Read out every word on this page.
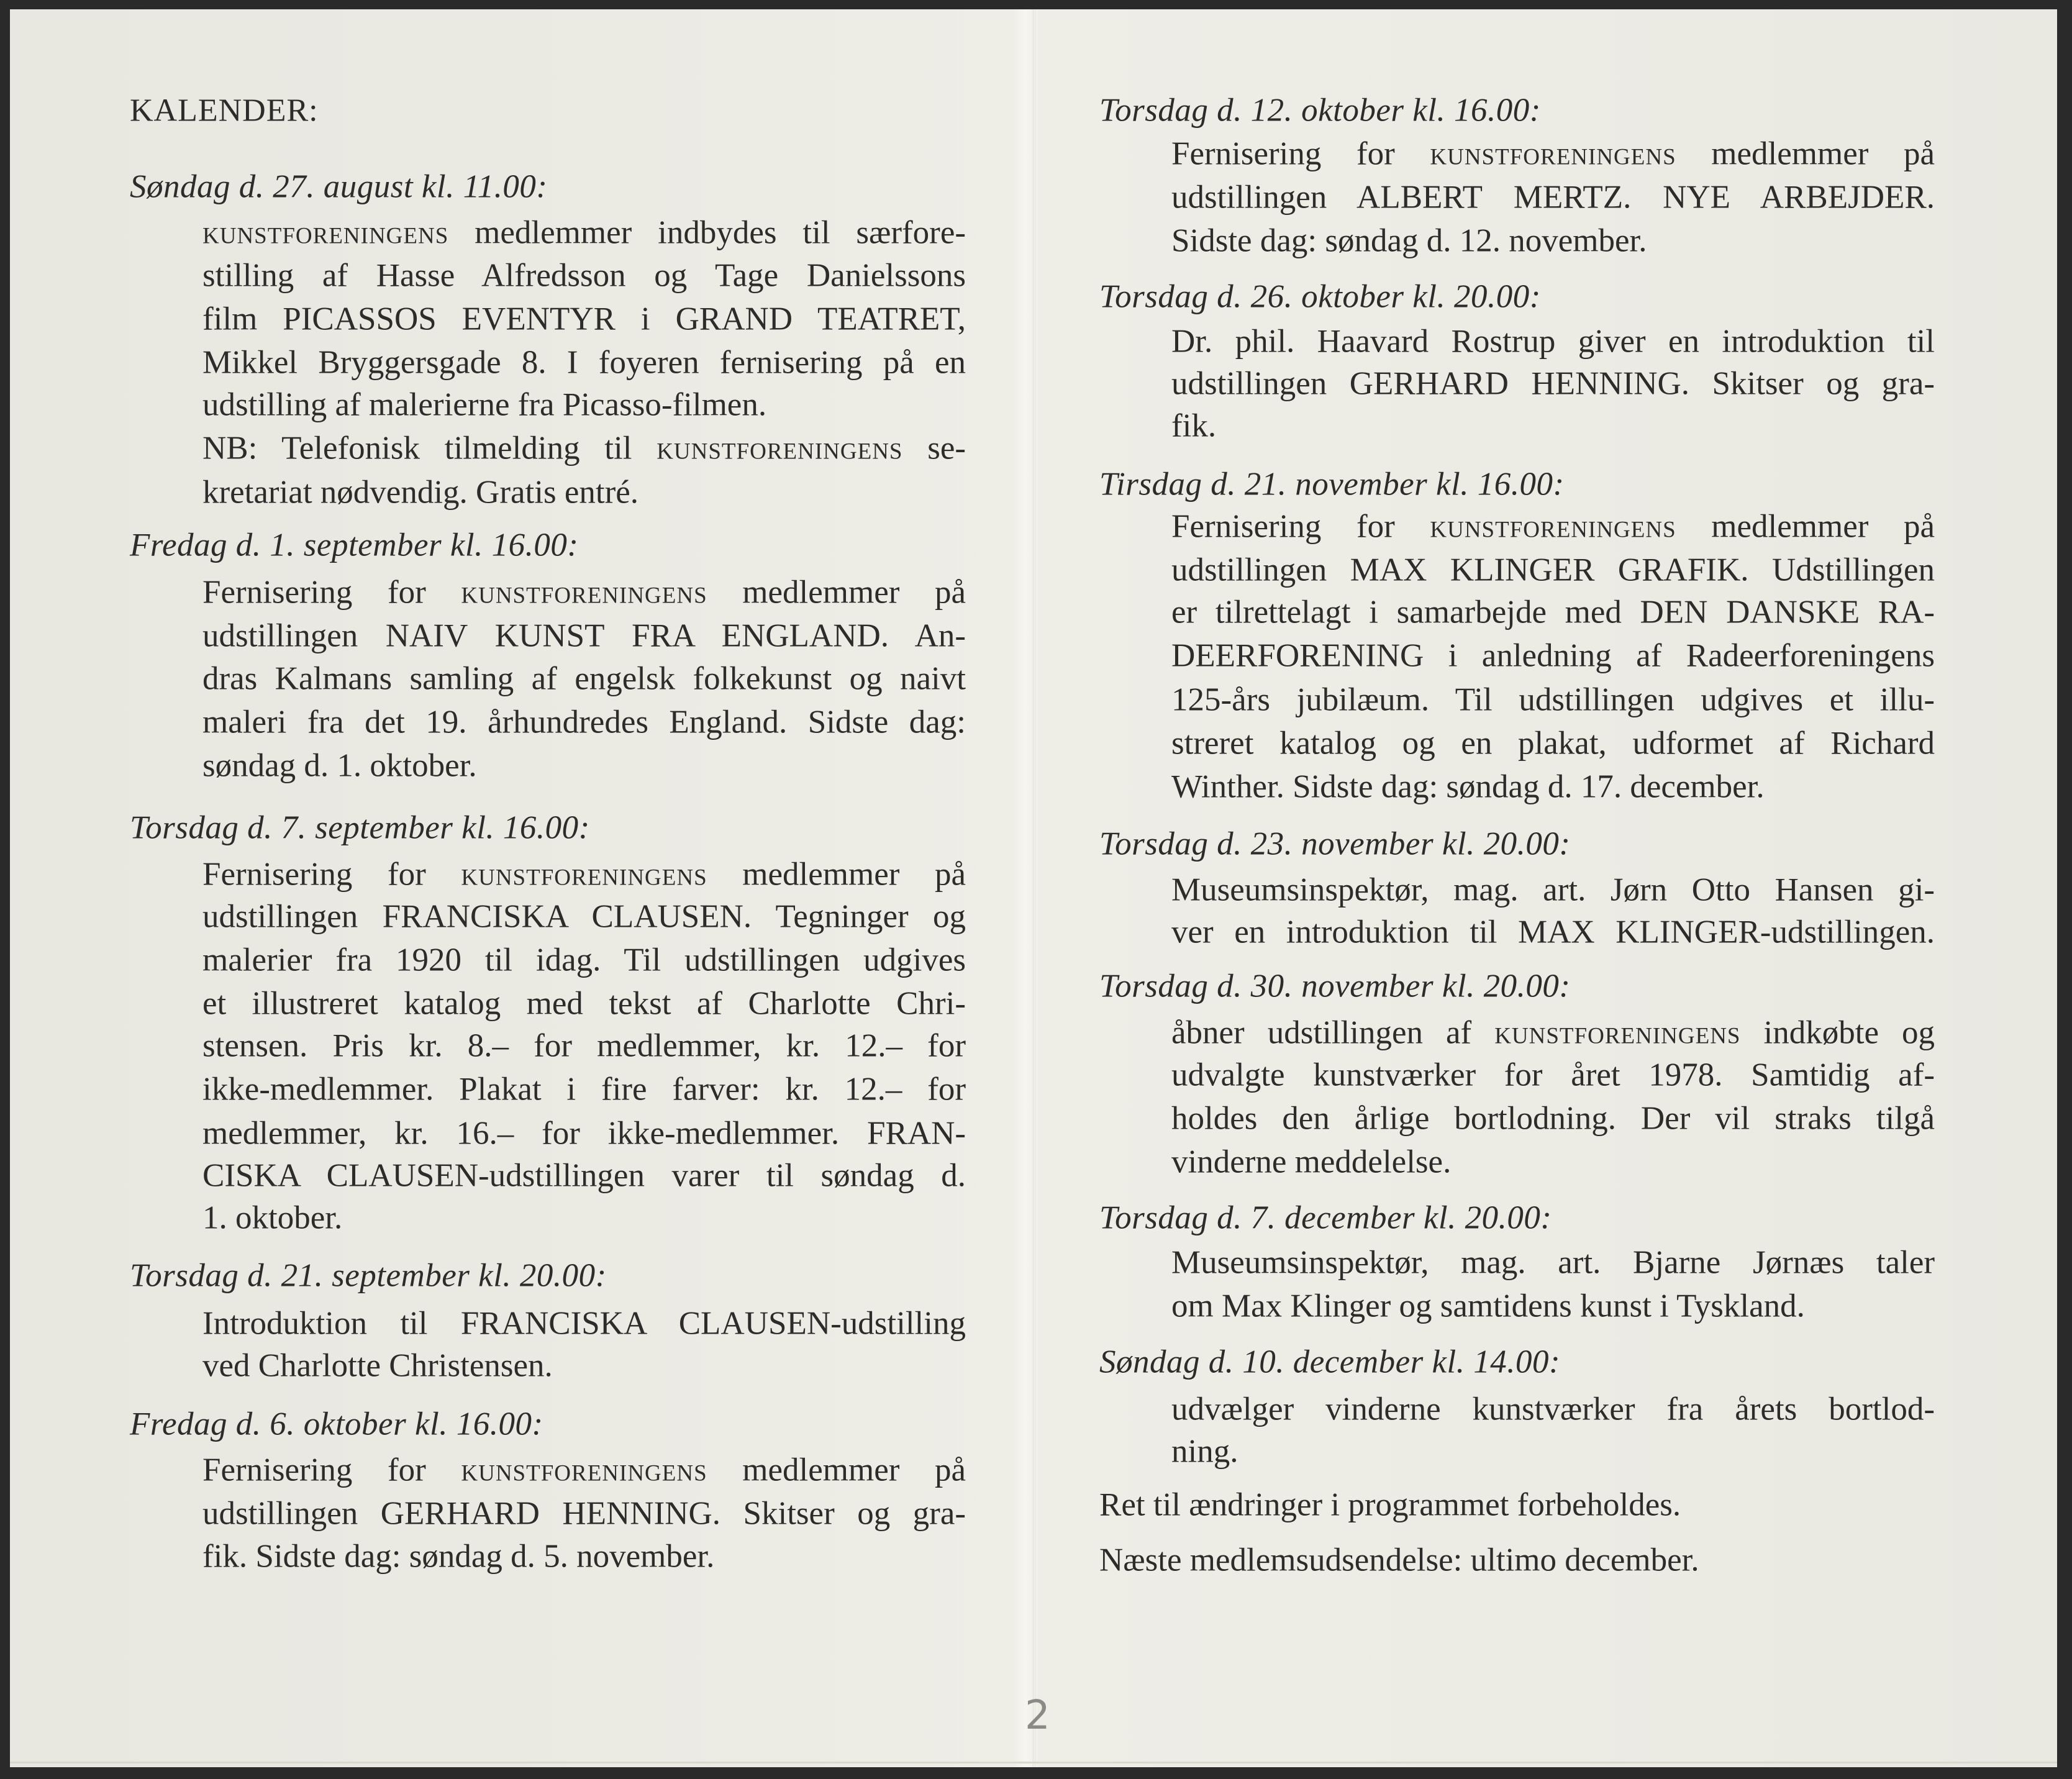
KALENDER:
Søndag d. 27. august kl. 11.00:
kunstforeningens medlemmer indbydes til særfore-
stilling af Hasse Alfredsson og Tage Danielssons
film PICASSOS EVENTYR i GRAND TEATRET,
Mikkel Bryggersgade 8. I foyeren fernisering på en
udstilling af malerierne fra Picasso-filmen.
NB: Telefonisk tilmelding til kunstforeningens se-
kretariat nødvendig. Gratis entré.
Fredag d. 1. september kl. 16.00:
Fernisering for kunstforeningens medlemmer på
udstillingen NAIV KUNST FRA ENGLAND. An-
dras Kalmans samling af engelsk folkekunst og naivt
maleri fra det 19. århundredes England. Sidste dag:
søndag d. 1. oktober.
Torsdag d. 7. september kl. 16.00:
Fernisering for kunstforeningens medlemmer på
udstillingen FRANCISKA CLAUSEN. Tegninger og
malerier fra 1920 til idag. Til udstillingen udgives
et illustreret katalog med tekst af Charlotte Chri-
stensen. Pris kr. 8.– for medlemmer, kr. 12.– for
ikke-medlemmer. Plakat i fire farver: kr. 12.– for
medlemmer, kr. 16.– for ikke-medlemmer. FRAN-
CISKA CLAUSEN-udstillingen varer til søndag d.
1. oktober.
Torsdag d. 21. september kl. 20.00:
Introduktion til FRANCISKA CLAUSEN-udstilling
ved Charlotte Christensen.
Fredag d. 6. oktober kl. 16.00:
Fernisering for kunstforeningens medlemmer på
udstillingen GERHARD HENNING. Skitser og gra-
fik. Sidste dag: søndag d. 5. november.
Torsdag d. 12. oktober kl. 16.00:
Fernisering for kunstforeningens medlemmer på
udstillingen ALBERT MERTZ. NYE ARBEJDER.
Sidste dag: søndag d. 12. november.
Torsdag d. 26. oktober kl. 20.00:
Dr. phil. Haavard Rostrup giver en introduktion til
udstillingen GERHARD HENNING. Skitser og gra-
fik.
Tirsdag d. 21. november kl. 16.00:
Fernisering for kunstforeningens medlemmer på
udstillingen MAX KLINGER GRAFIK. Udstillingen
er tilrettelagt i samarbejde med DEN DANSKE RA-
DEERFORENING i anledning af Radeerforeningens
125-års jubilæum. Til udstillingen udgives et illu-
streret katalog og en plakat, udformet af Richard
Winther. Sidste dag: søndag d. 17. december.
Torsdag d. 23. november kl. 20.00:
Museumsinspektør, mag. art. Jørn Otto Hansen gi-
ver en introduktion til MAX KLINGER-udstillingen.
Torsdag d. 30. november kl. 20.00:
åbner udstillingen af kunstforeningens indkøbte og
udvalgte kunstværker for året 1978. Samtidig af-
holdes den årlige bortlodning. Der vil straks tilgå
vinderne meddelelse.
Torsdag d. 7. december kl. 20.00:
Museumsinspektør, mag. art. Bjarne Jørnæs taler
om Max Klinger og samtidens kunst i Tyskland.
Søndag d. 10. december kl. 14.00:
udvælger vinderne kunstværker fra årets bortlod-
ning.
Ret til ændringer i programmet forbeholdes.
Næste medlemsudsendelse: ultimo december.
2
